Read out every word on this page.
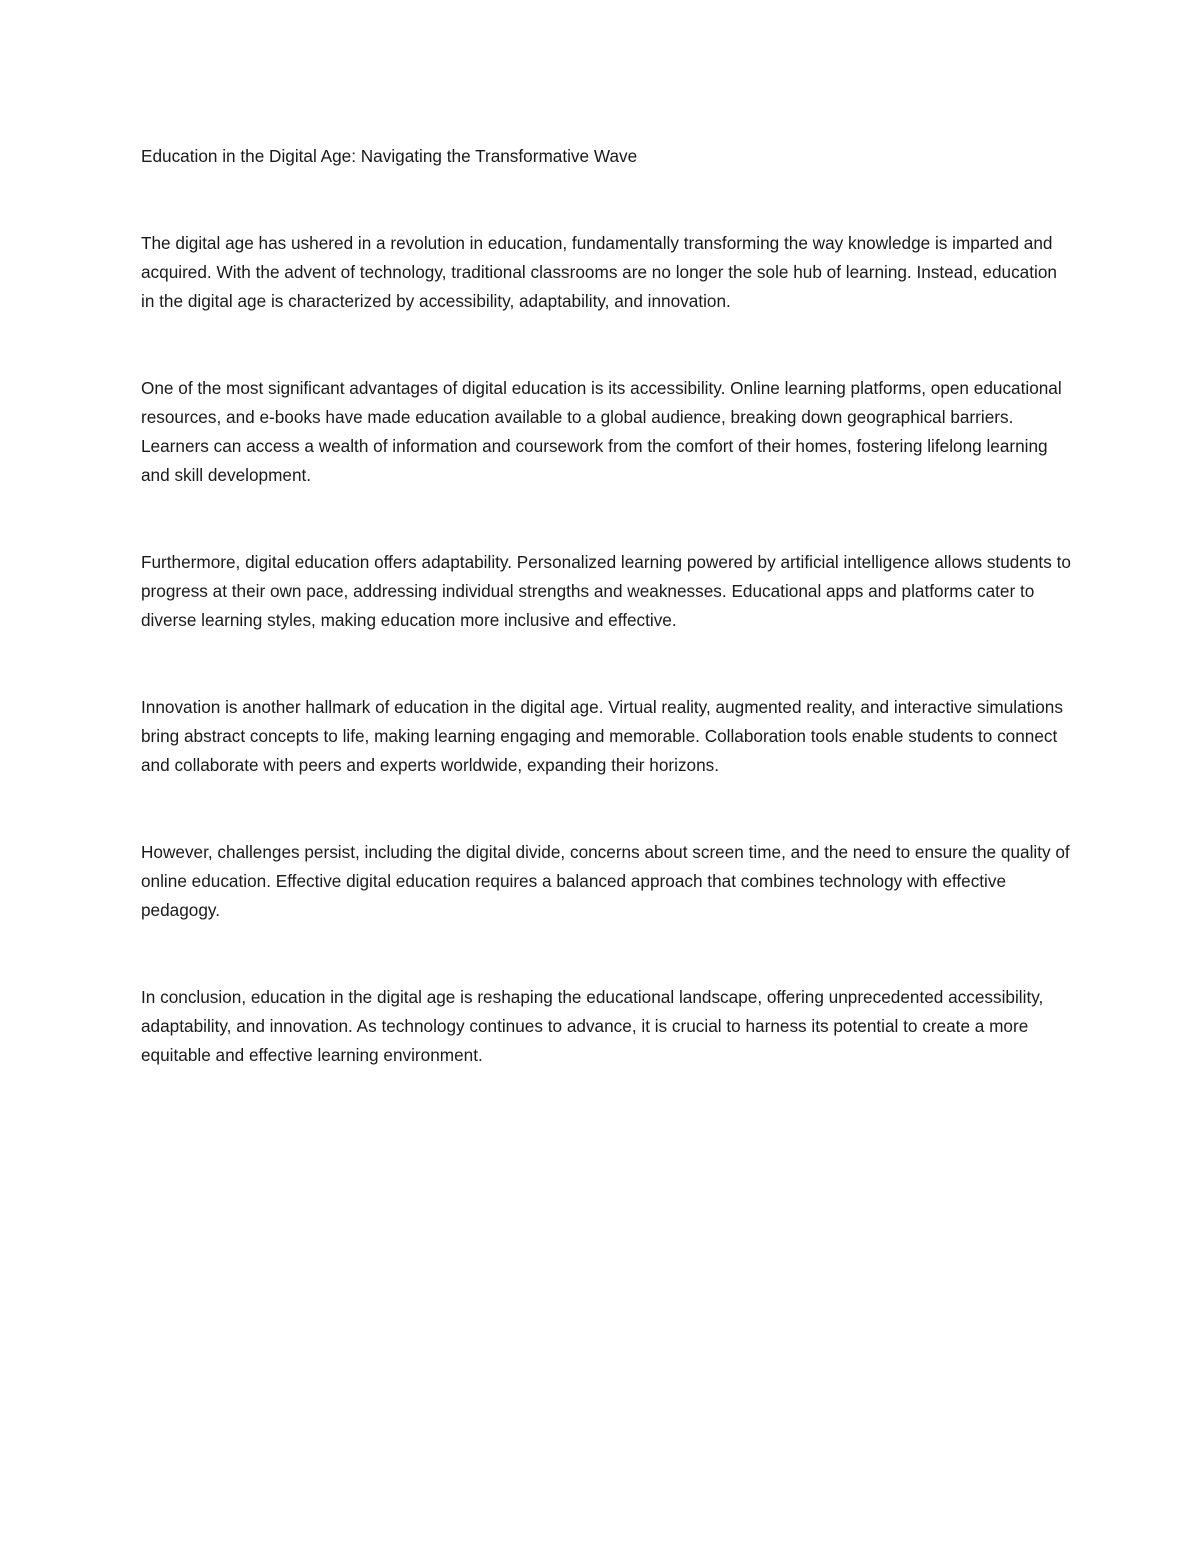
Education in the Digital Age: Navigating the Transformative Wave

The digital age has ushered in a revolution in education, fundamentally transforming the way knowledge is imparted and acquired. With the advent of technology, traditional classrooms are no longer the sole hub of learning. Instead, education in the digital age is characterized by accessibility, adaptability, and innovation.

One of the most significant advantages of digital education is its accessibility. Online learning platforms, open educational resources, and e-books have made education available to a global audience, breaking down geographical barriers. Learners can access a wealth of information and coursework from the comfort of their homes, fostering lifelong learning and skill development.

Furthermore, digital education offers adaptability. Personalized learning powered by artificial intelligence allows students to progress at their own pace, addressing individual strengths and weaknesses. Educational apps and platforms cater to diverse learning styles, making education more inclusive and effective.

Innovation is another hallmark of education in the digital age. Virtual reality, augmented reality, and interactive simulations bring abstract concepts to life, making learning engaging and memorable. Collaboration tools enable students to connect and collaborate with peers and experts worldwide, expanding their horizons.

However, challenges persist, including the digital divide, concerns about screen time, and the need to ensure the quality of online education. Effective digital education requires a balanced approach that combines technology with effective pedagogy.

In conclusion, education in the digital age is reshaping the educational landscape, offering unprecedented accessibility, adaptability, and innovation. As technology continues to advance, it is crucial to harness its potential to create a more equitable and effective learning environment.
